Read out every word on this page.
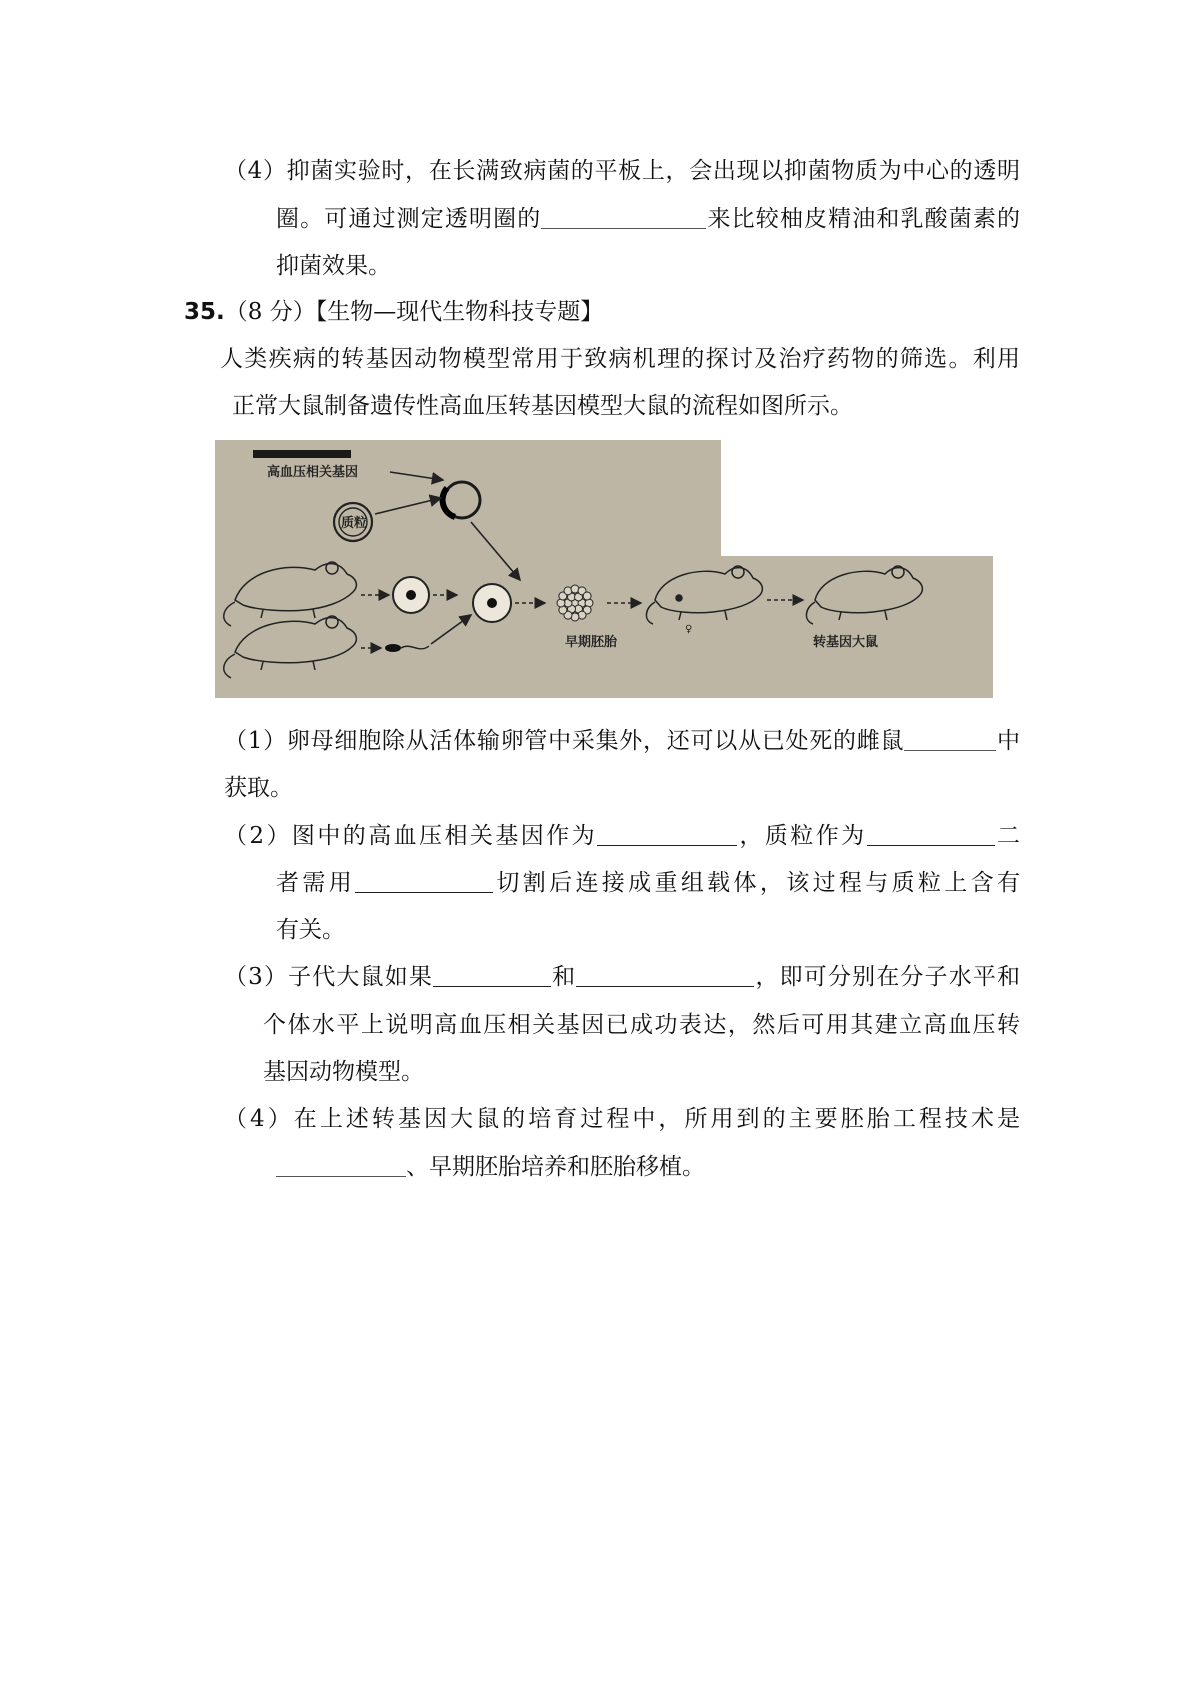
（4）抑菌实验时，在长满致病菌的平板上，会出现以抑菌物质为中心的透明
圈。可通过测定透明圈的	来比较柚皮精油和乳酸菌素的
抑菌效果。
35.（8 分）【生物—现代生物科技专题】
人类疾病的转基因动物模型常用于致病机理的探讨及治疗药物的筛选。利用
正常大鼠制备遗传性高血压转基因模型大鼠的流程如图所示。
高血压相关基因
质粒
早期胚胎
♀
转基因大鼠
（1）卵母细胞除从活体输卵管中采集外，还可以从已处死的雌鼠	中
获取。
（2）图中的高血压相关基因作为	，质粒作为	二
者需用	切割后连接成重组载体，该过程与质粒上含有
有关。
（3）子代大鼠如果	和	，即可分别在分子水平和
个体水平上说明高血压相关基因已成功表达，然后可用其建立高血压转
基因动物模型。
（4）在上述转基因大鼠的培育过程中，所用到的主要胚胎工程技术是
、早期胚胎培养和胚胎移植。
